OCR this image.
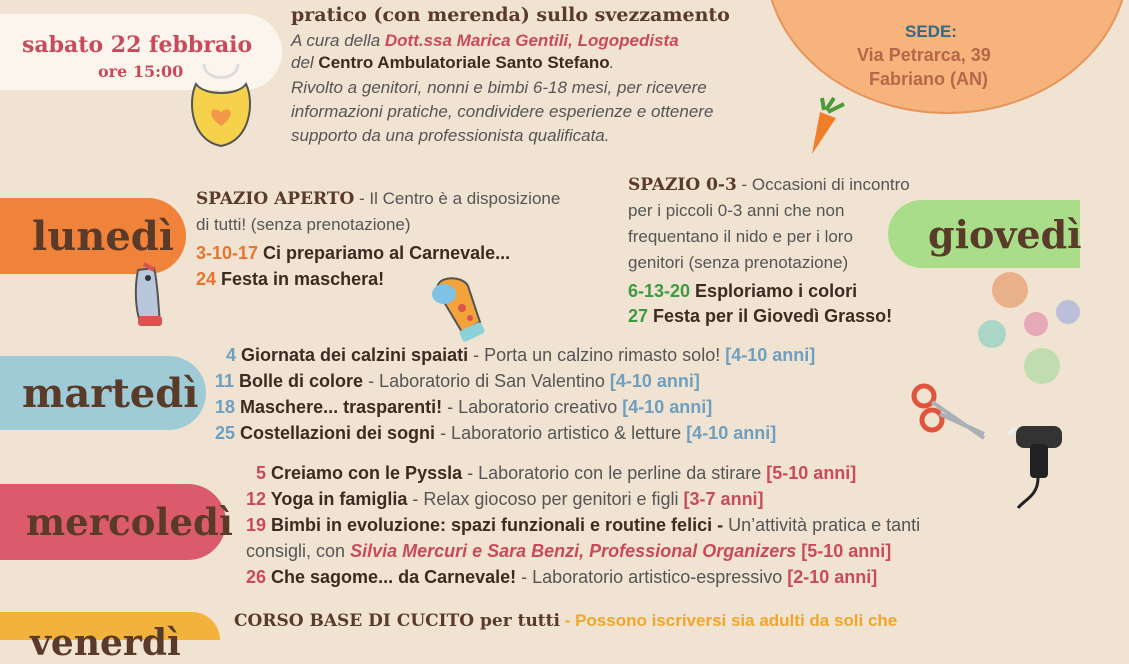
SEDE:
Via Petrarca, 39
Fabriano (AN)
sabato 22 febbraio
ore 15:00
pratico (con merenda) sullo svezzamento
A cura della Dott.ssa Marica Gentili, Logopedista
del Centro Ambulatoriale Santo Stefano.
Rivolto a genitori, nonni e bimbi 6-18 mesi, per ricevere
informazioni pratiche, condividere esperienze e ottenere
supporto da una professionista qualificata.
lunedì
SPAZIO APERTO - Il Centro è a disposizione
di tutti! (senza prenotazione)
3-10-17 Ci prepariamo al Carnevale...
24 Festa in maschera!
giovedì
SPAZIO 0-3 - Occasioni di incontro
per i piccoli 0-3 anni che non
frequentano il nido e per i loro
genitori (senza prenotazione)
6-13-20 Esploriamo i colori
27 Festa per il Giovedì Grasso!
martedì
4 Giornata dei calzini spaiati - Porta un calzino rimasto solo! [4-10 anni]
11 Bolle di colore - Laboratorio di San Valentino [4-10 anni]
18 Maschere... trasparenti! - Laboratorio creativo [4-10 anni]
25 Costellazioni dei sogni - Laboratorio artistico & letture [4-10 anni]
mercoledì
5 Creiamo con le Pyssla - Laboratorio con le perline da stirare [5-10 anni]
12 Yoga in famiglia - Relax giocoso per genitori e figli [3-7 anni]
19 Bimbi in evoluzione: spazi funzionali e routine felici - Un’attività pratica e tanti
consigli, con Silvia Mercuri e Sara Benzi, Professional Organizers [5-10 anni]
26 Che sagome... da Carnevale! - Laboratorio artistico-espressivo [2-10 anni]
venerdì
CORSO BASE DI CUCITO per tutti - Possono iscriversi sia adulti da soli che
